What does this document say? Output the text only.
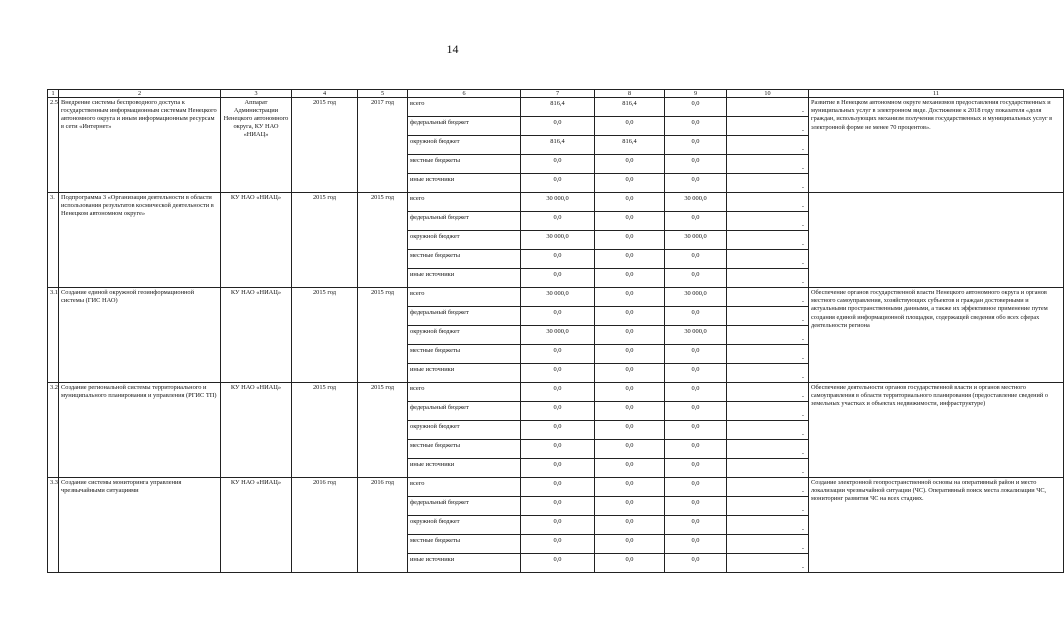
14
1	2	3	4	5	6	7	8	9	10	11
2.5	Внедрение системы беспроводного доступа к государственным информационным системам Ненецкого автономного округа и иным информационным ресурсам в сети «Интернет»	Аппарат Администрации Ненецкого автономного округа, КУ НАО «НИАЦ»	2015 год	2017 год	всего	816,4	816,4	0,0	-	Развитие в Ненецком автономном округе механизмов предоставления государственных и муниципальных услуг в электронном виде. Достижение к 2018 году показателя «доля граждан, использующих механизм получения государственных и муниципальных услуг в электронной форме не менее 70 процентов».
					федеральный бюджет	0,0	0,0	0,0	-	
					окружной бюджет	816,4	816,4	0,0	-	
					местные бюджеты	0,0	0,0	0,0	-	
					иные источники	0,0	0,0	0,0	-	
3.	Подпрограмма 3 «Организация деятельности в области использования результатов космической деятельности в Ненецком автономном округе»	КУ НАО «НИАЦ»	2015 год	2015 год	всего	30 000,0	0,0	30 000,0	-	
					федеральный бюджет	0,0	0,0	0,0	-	
					окружной бюджет	30 000,0	0,0	30 000,0	-	
					местные бюджеты	0,0	0,0	0,0	-	
					иные источники	0,0	0,0	0,0	-	
3.1	Создание единой окружной геоинформационной системы (ГИС НАО)	КУ НАО «НИАЦ»	2015 год	2015 год	всего	30 000,0	0,0	30 000,0	-	Обеспечение органов государственной власти Ненецкого автономного округа и органов местного самоуправления, хозяйствующих субъектов и граждан достоверными и актуальными пространственными данными, а также их эффективное применение путем создания единой информационной площадки, содержащей сведения обо всех сферах деятельности региона
					федеральный бюджет	0,0	0,0	0,0	-	
					окружной бюджет	30 000,0	0,0	30 000,0	-	
					местные бюджеты	0,0	0,0	0,0	-	
					иные источники	0,0	0,0	0,0	-	
3.2	Создание региональной системы территориального и муниципального планирования и управления (РГИС ТП)	КУ НАО «НИАЦ»	2015 год	2015 год	всего	0,0	0,0	0,0	-	Обеспечение деятельности органов государственной власти и органов местного самоуправления в области территориального планирования (предоставление сведений о земельных участках и объектах недвижимости, инфраструктуре)
					федеральный бюджет	0,0	0,0	0,0	-	
					окружной бюджет	0,0	0,0	0,0	-	
					местные бюджеты	0,0	0,0	0,0	-	
					иные источники	0,0	0,0	0,0	-	
3.3	Создание системы мониторинга управления чрезвычайными ситуациями	КУ НАО «НИАЦ»	2016 год	2016 год	всего	0,0	0,0	0,0	-	Создание электронной геопространственной основы на оперативный район и место локализации чрезвычайной ситуации (ЧС). Оперативный поиск места локализации ЧС, мониторинг развития ЧС на всех стадиях.
					федеральный бюджет	0,0	0,0	0,0	-	
					окружной бюджет	0,0	0,0	0,0	-	
					местные бюджеты	0,0	0,0	0,0	-	
					иные источники	0,0	0,0	0,0	-	
